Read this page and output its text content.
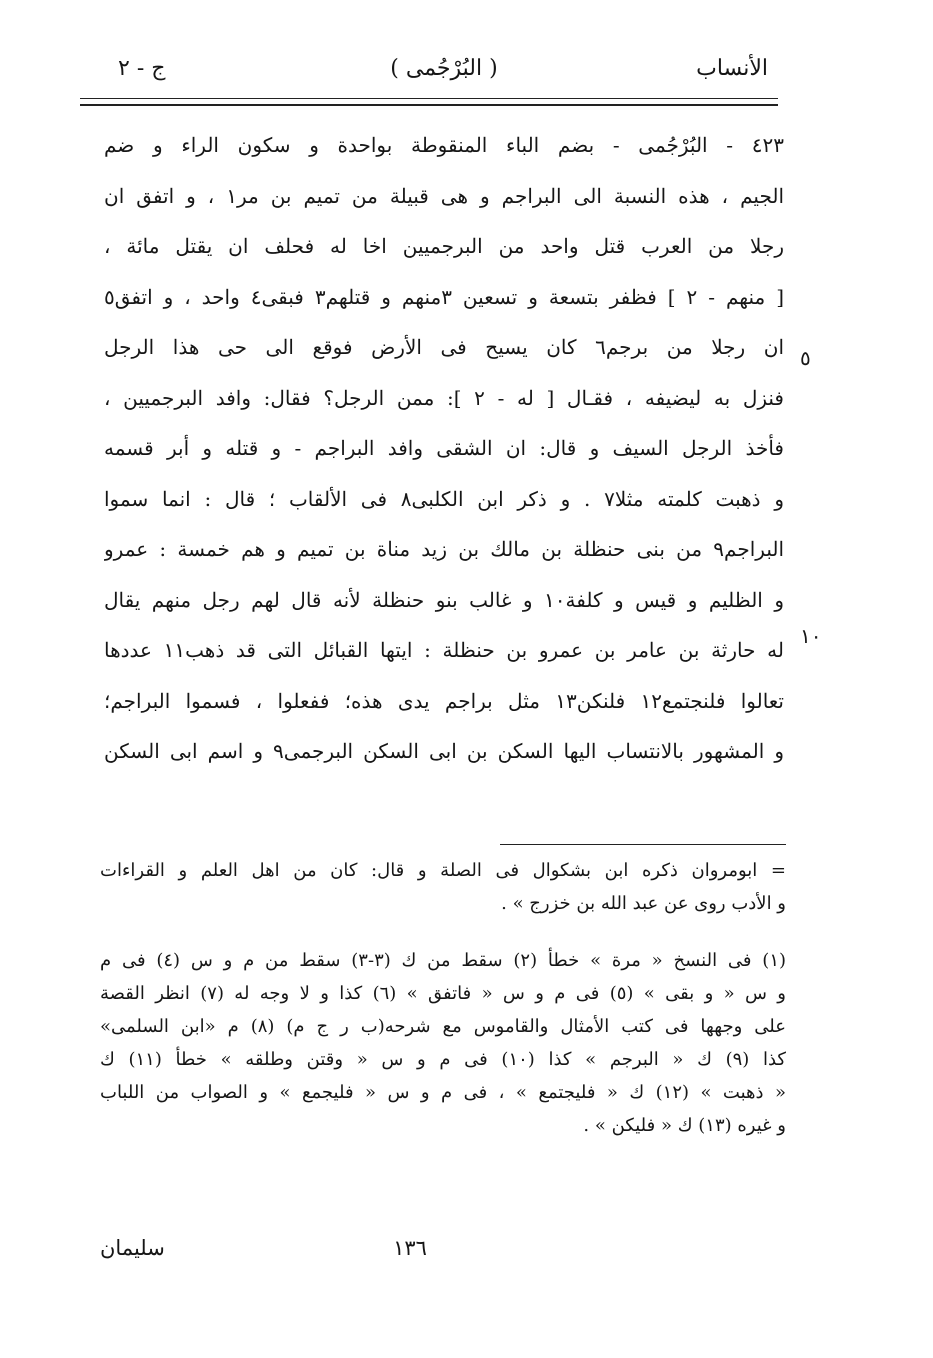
الأنساب
( البُرْجُمى )
ج - ٢
٤٢٣ - البُرْجُمى - بضم الباء المنقوطة بواحدة و سكون الراء و ضم
الجيم ، هذه النسبة الى البراجم و هى قبيلة من تميم بن مر١ ، و اتفق ان
رجلا من العرب قتل واحد من البرجميين اخا له فحلف ان يقتل مائة ،
[ منهم - ٢ ] فظفر بتسعة و تسعين ٣منهم و قتلهم٣ فبقى٤ واحد ، و اتفق٥
ان رجلا من برجم٦ كان يسيح فى الأرض فوقع الى حى هذا الرجل
فنزل به ليضيفه ، فقـال [ له - ٢ ]: ممن الرجل؟ فقال: وافد البرجميين ،
فأخذ الرجل السيف و قال: ان الشقى وافد البراجم - و قتله و أبر قسمه
و ذهبت كلمته مثلا٧ . و ذكر ابن الكلبى٨ فى الألقاب ؛ قال : انما سموا
البراجم٩ من بنى حنظلة بن مالك بن زيد مناة بن تميم و هم خمسة : عمرو
و الظليم و قيس و كلفة١٠ و غالب بنو حنظلة لأنه قال لهم رجل منهم يقال
له حارثة بن عامر بن عمرو بن حنظلة : ايتها القبائل التى قد ذهب١١ عددها
تعالوا فلنجتمع١٢ فلنكن١٣ مثل براجم يدى هذه؛ ففعلوا ، فسموا البراجم؛
و المشهور بالانتساب اليها السكن بن ابى السكن البرجمى٩ و اسم ابى السكن
٥
١٠
= ابومروان ذكره ابن بشكوال فى الصلة و قال: كان من اهل العلم و القراءات
و الأدب روى عن عبد الله بن خزرج » .
(١) فى النسخ « مرة » خطأ (٢) سقط من ك (٣-٣) سقط من م و س (٤) فى م
و س « و بقى » (٥) فى م و س « فاتفق » (٦) كذا و لا وجه له (٧) انظر القصة
على وجهها فى كتب الأمثال والقاموس مع شرحه(ب ر ج م) (٨) م «ابن السلمى»
كذا (٩) ك « البرجم » كذا (١٠) فى م و س « وقتن وطلقه » خطأ (١١) ك
« ذهبت » (١٢) ك « فليجتمع » ، فى م و س « فليجمع » و الصواب من اللباب
و غيره (١٣) ك « فليكن » .
١٣٦
سليمان
